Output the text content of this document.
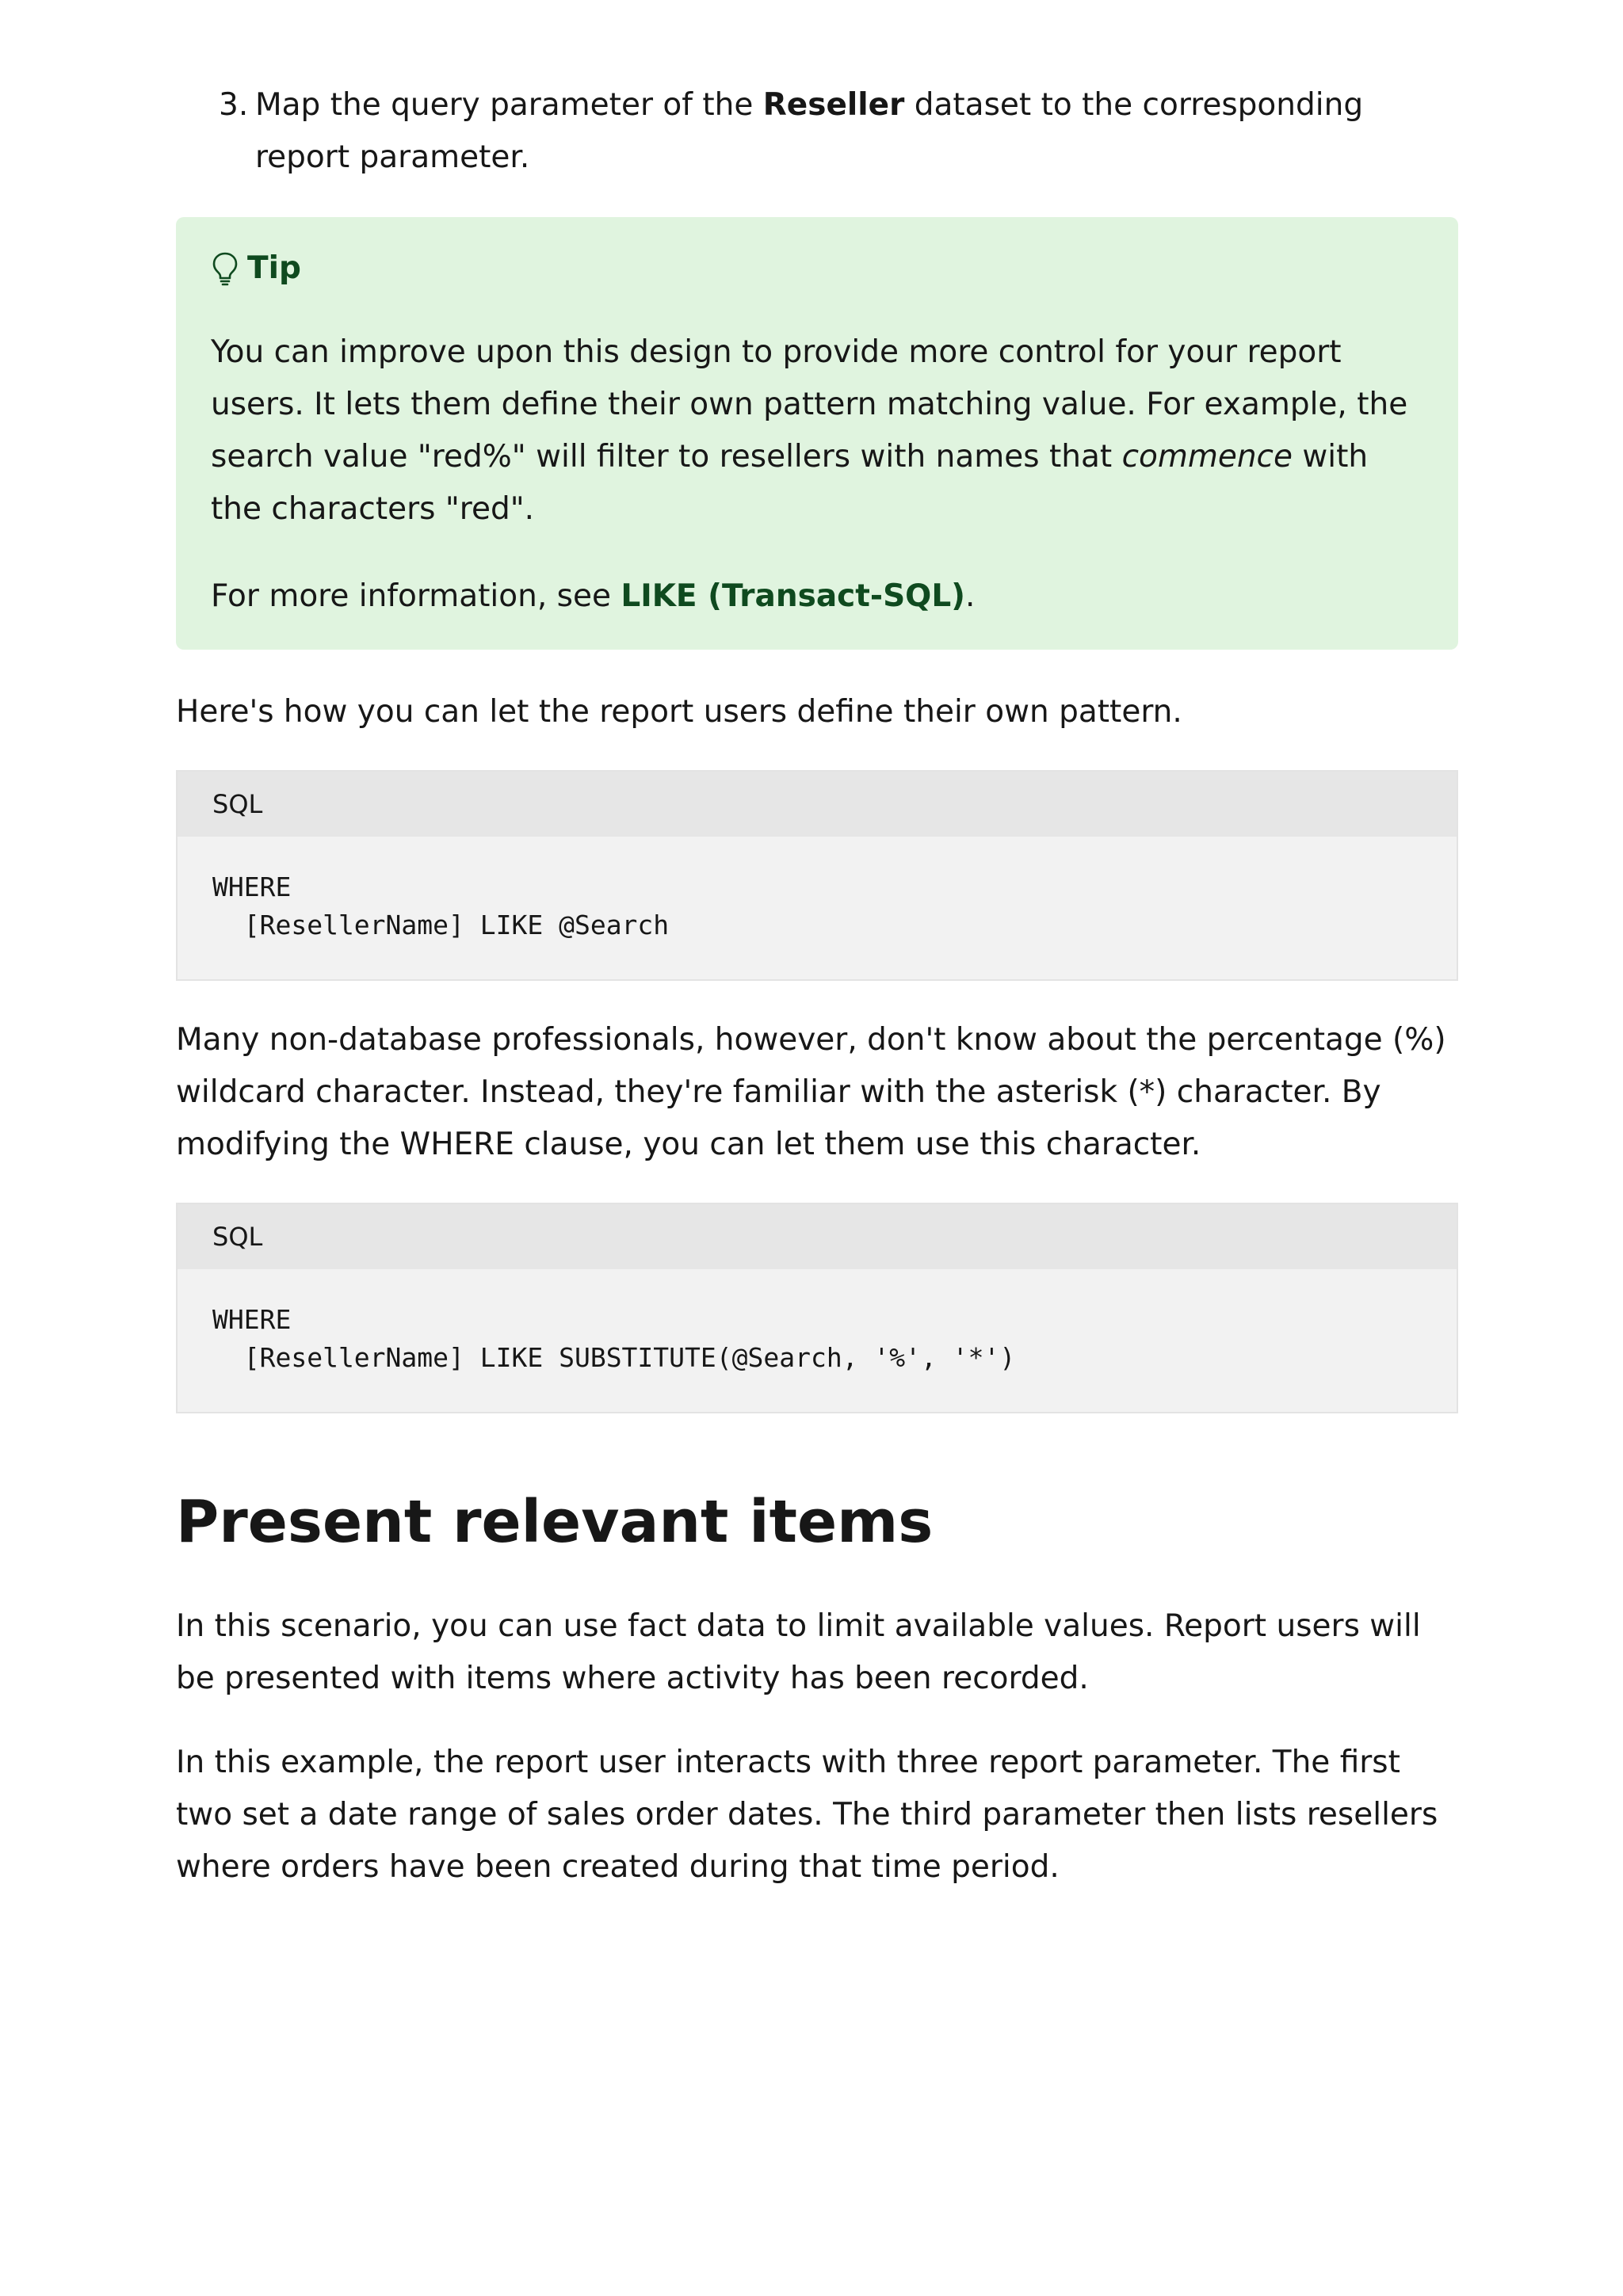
3. Map the query parameter of the Reseller dataset to the corresponding report parameter.
Tip

You can improve upon this design to provide more control for your report users. It lets them define their own pattern matching value. For example, the search value "red%" will filter to resellers with names that commence with the characters "red".

For more information, see LIKE (Transact-SQL).

Here's how you can let the report users define their own pattern.

SQL
WHERE
[ResellerName] LIKE @Search

Many non-database professionals, however, don't know about the percentage (%) wildcard character. Instead, they're familiar with the asterisk (*) character. By modifying the WHERE clause, you can let them use this character.

SQL
WHERE
[ResellerName] LIKE SUBSTITUTE(@Search, '%', '*')
Present relevant items

In this scenario, you can use fact data to limit available values. Report users will be presented with items where activity has been recorded.

In this example, the report user interacts with three report parameter. The first two set a date range of sales order dates. The third parameter then lists resellers where orders have been created during that time period.
